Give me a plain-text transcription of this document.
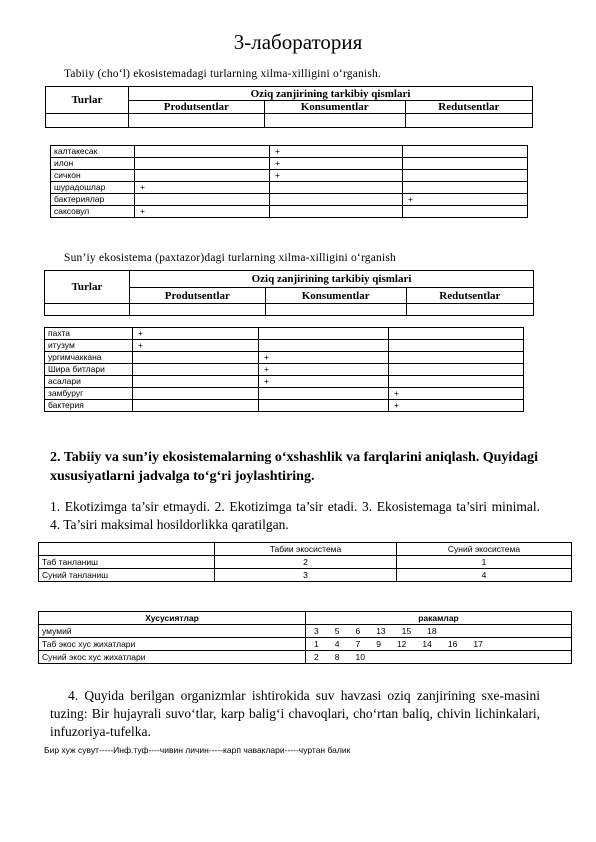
3-лаборатория
Tabiiy (cho‘l) ekosistemadagi turlarning xilma-xilligini o‘rganish.
Turlar	Oziq zanjirining tarkibiy qismlari		
	Produtsentlar	Konsumentlar	Redutsentlar

калтакесак		+	
илон		+	
сичкон		+	
шурадошлар	+		
бактериялар			+
саксовул	+		
Sun’iy ekosistema (paxtazor)dagi turlarning xilma-xilligini o‘rganish
Turlar	Oziq zanjirining tarkibiy qismlari		
	Produtsentlar	Konsumentlar	Redutsentlar

пахта	+		
итузум	+		
ургимчаккана		+	
Шира битлари		+	
асалари		+	
замбуруг			+
бактерия			+
2. Tabiiy va sun’iy ekosistemalarning o‘xshashlik va farqlarini aniqlash. Quyidagi xususiyatlarni jadvalga to‘g‘ri joylashtiring.
1. Ekotizimga ta’sir etmaydi. 2. Ekotizimga ta’sir etadi. 3. Ekosistemaga ta’siri minimal. 4. Ta’siri maksimal hosildorlikka qaratilgan.
	Табии экосистема	Суний экосистема
Таб танланиш	2	1
Суний танланиш	3	4
Хусусиятлар	ракамлар
умумий	3 5 6 13 15 18
Таб экос хус жихатлари	1 4 7 9 12 14 16 17
Суний экос хус жихатлари	2 8 10
4. Quyida berilgan organizmlar ishtirokida suv havzasi oziq zanjirining sxe-masini tuzing: Bir hujayrali suvo‘tlar, karp balig‘i chavoqlari, cho‘rtan baliq, chivin lichinkalari, infuzoriya-tufelka.
Бир хуж сувут-----Инф.туф----чивин личин-----карп чаваклари-----чуртан балик
